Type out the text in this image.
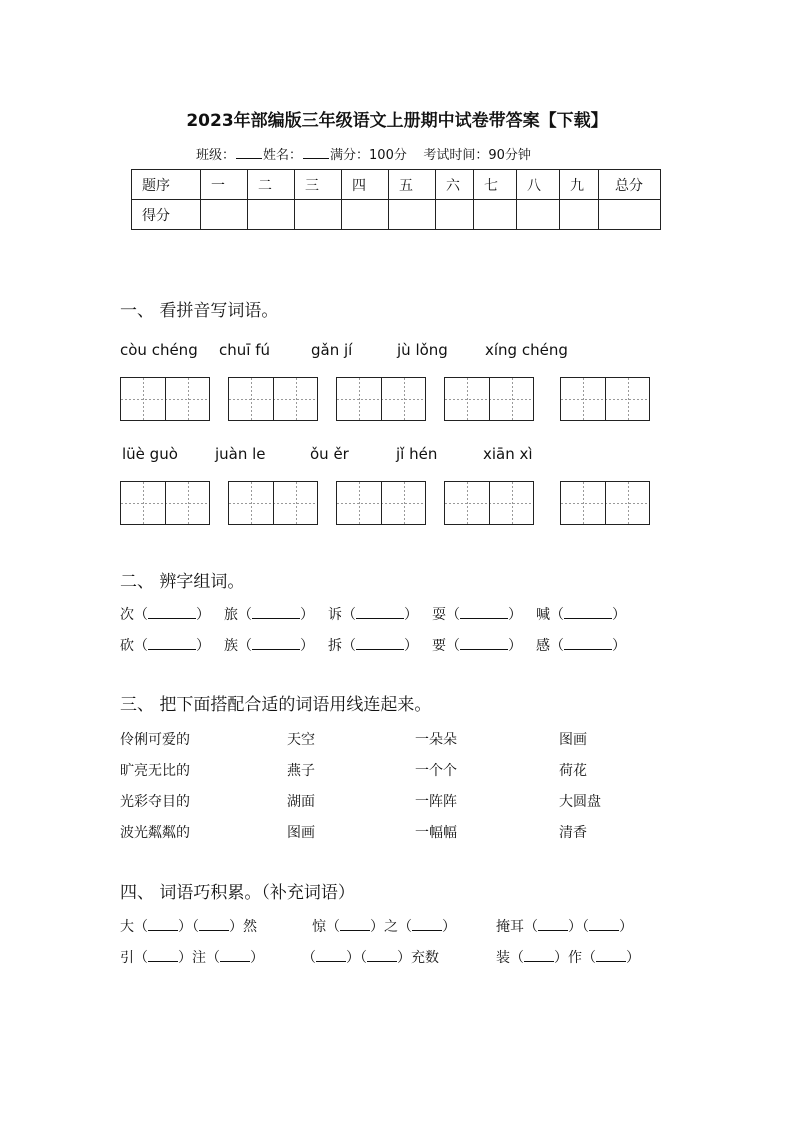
2023年部编版三年级语文上册期中试卷带答案【下载】
班级： 姓名： 满分：100分 考试时间：90分钟
题序	一	二	三	四	五	六	七	八	九	总分
得分										
一、 看拼音写词语。
còu chéng chuī fú	gǎn jí	jù lǒng xíng chéng
lüè guò juàn le	ǒu ěr	jǐ hén	xiān xì
二、 辨字组词。
次（	） 旅（	） 诉（	） 耍（	） 喊（	）
砍（	） 族（	） 拆（	） 要（	） 感（	）
三、 把下面搭配合适的词语用线连起来。
伶俐可爱的	天空	一朵朵	图画
旷亮无比的	燕子	一个个	荷花
光彩夺目的	湖面	一阵阵	大圆盘
波光粼粼的	图画	一幅幅	清香
四、 词语巧积累。（补充词语）
大（ ）（ ）然	惊（ ）之（ ）	掩耳（ ）（ ）
引（ ）注（ ）	（ ）（ ）充数	装（ ）作（ ）
